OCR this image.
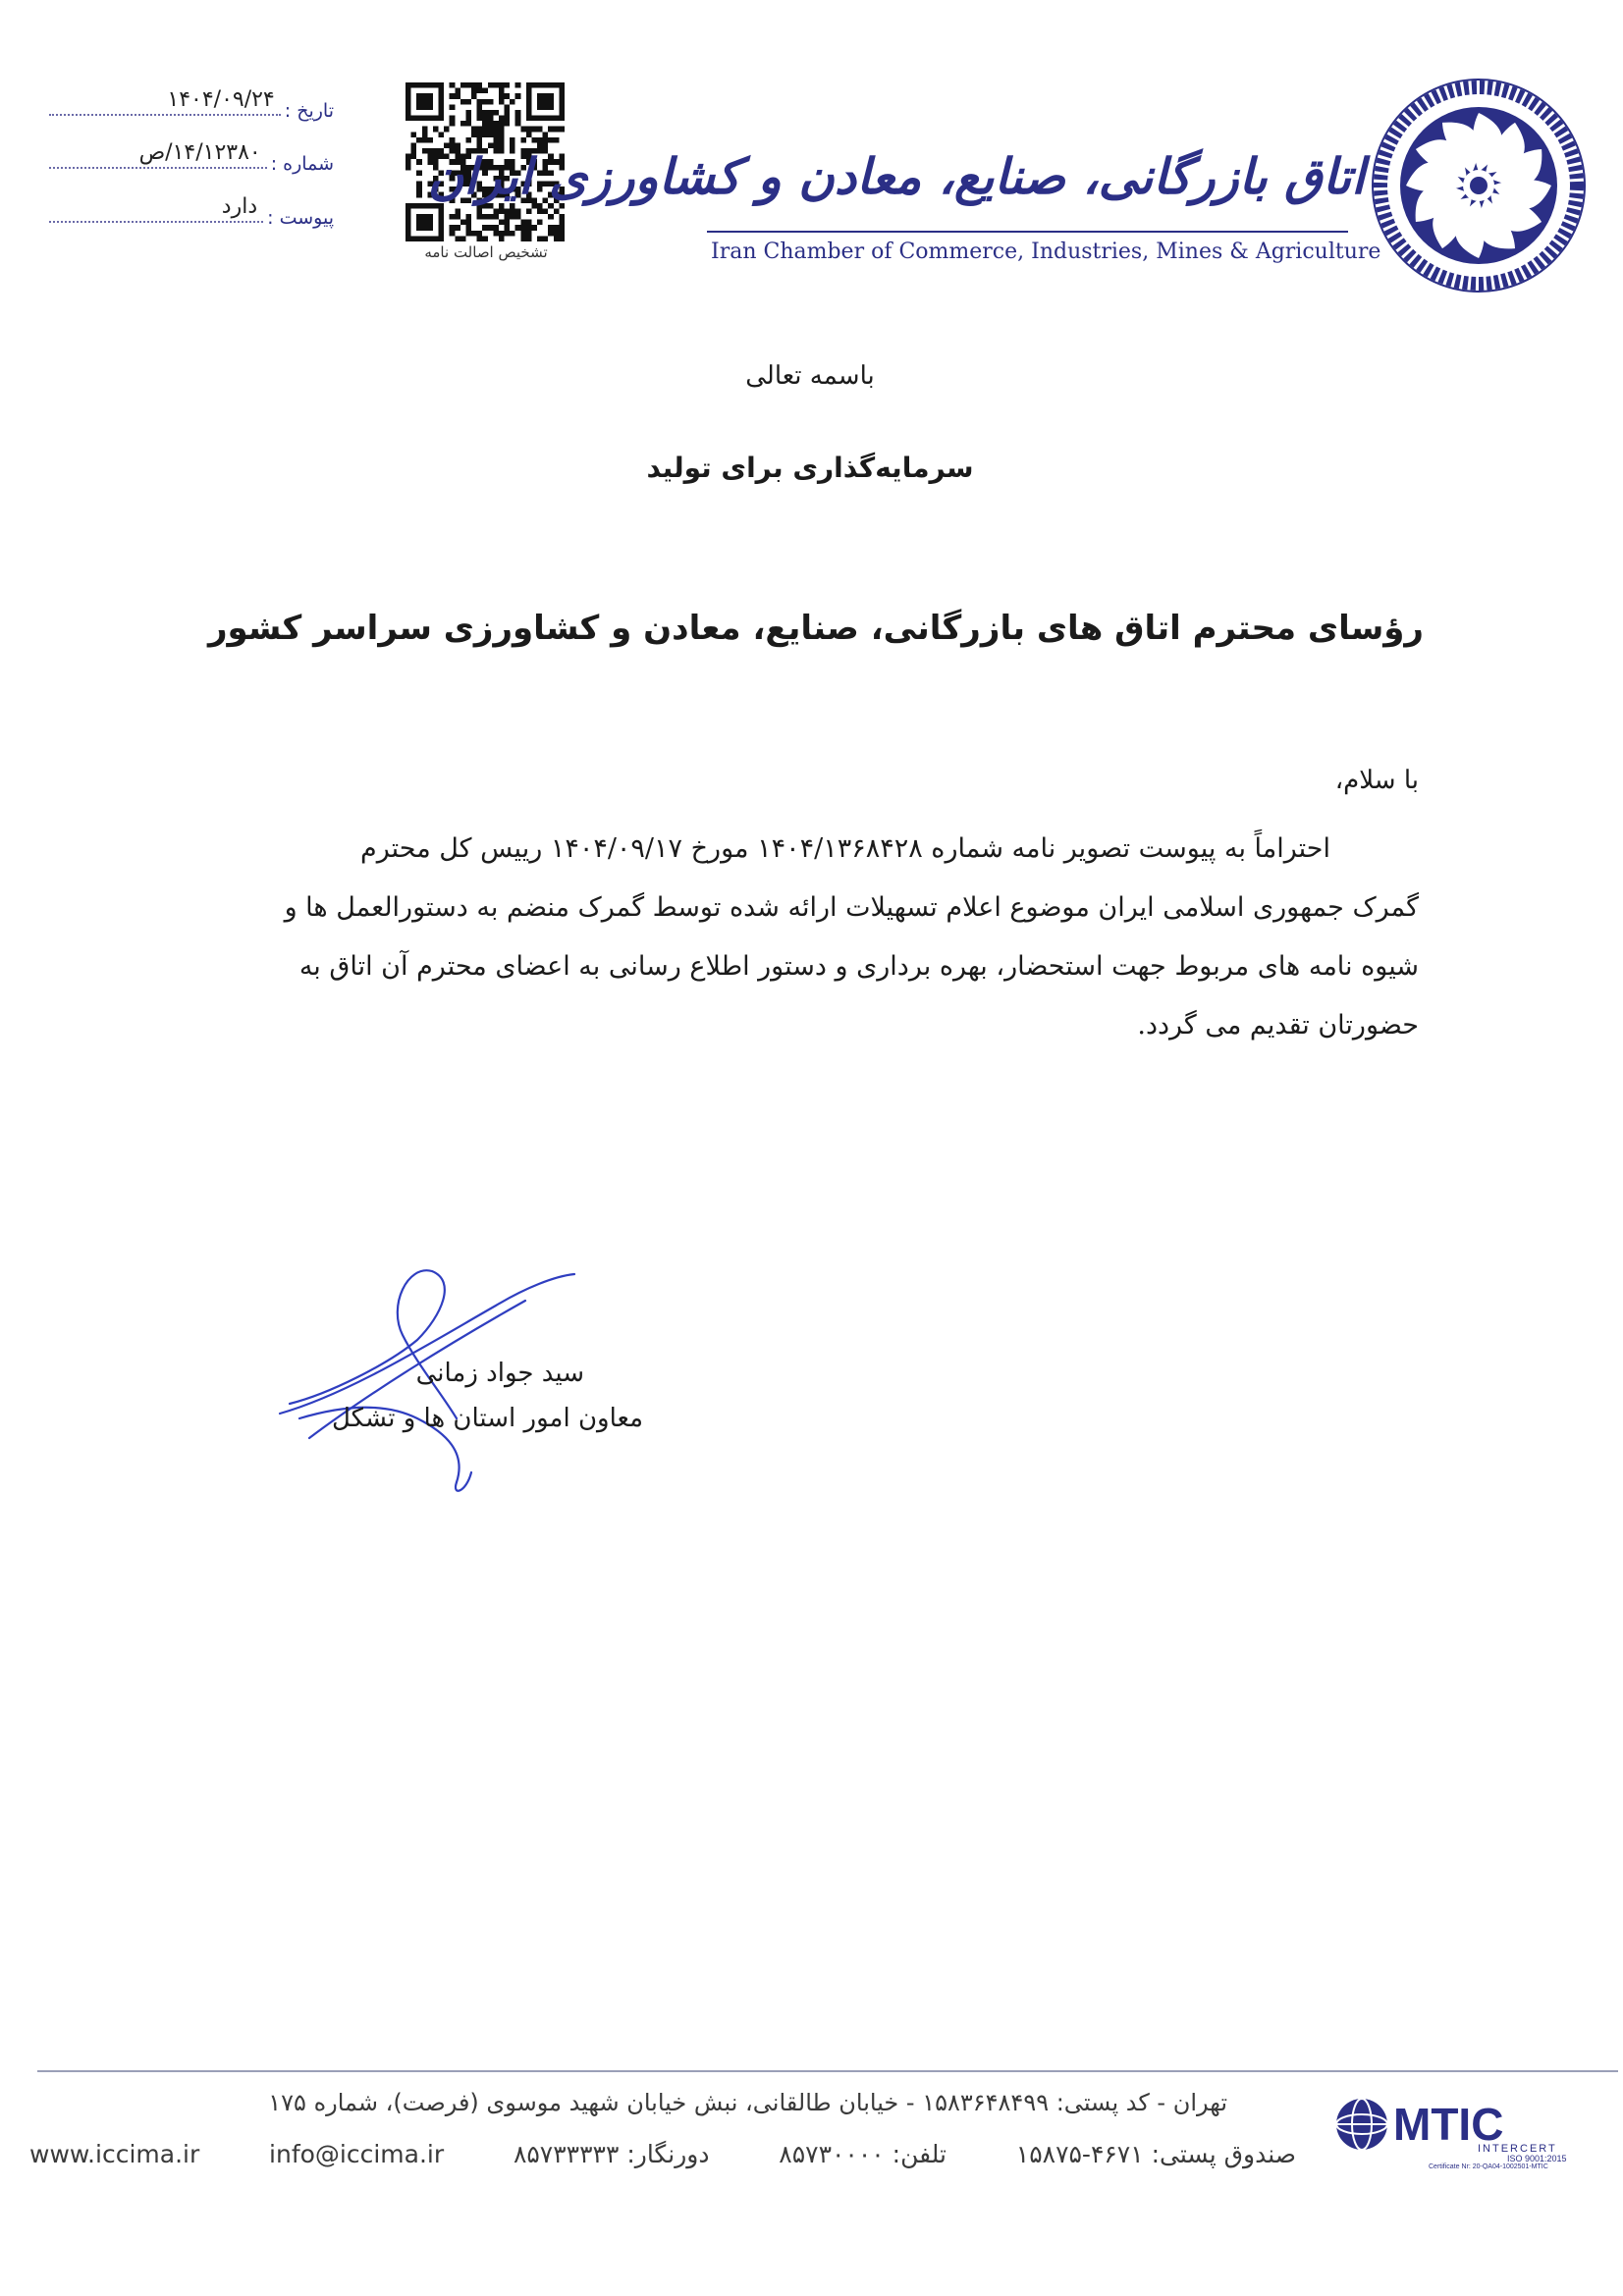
تاریخ :
۱۴۰۴/۰۹/۲۴
شماره :
۱۴/۱۲۳۸۰/ص
پیوست :
دارد
تشخیص اصالت نامه
اتاق بازرگانی، صنایع، معادن و کشاورزی ایران
Iran Chamber of Commerce, Industries, Mines & Agriculture
باسمه تعالی
سرمایه‌گذاری برای تولید
رؤسای محترم اتاق های بازرگانی، صنایع، معادن و کشاورزی سراسر کشور
با سلام،
احتراماً به پیوست تصویر نامه شماره ۱۴۰۴/۱۳۶۸۴۲۸ مورخ ۱۴۰۴/۰۹/۱۷ رییس کل محترم
گمرک جمهوری اسلامی ایران موضوع اعلام تسهیلات ارائه شده توسط گمرک منضم به دستورالعمل ها و
شیوه نامه های مربوط جهت استحضار، بهره برداری و دستور اطلاع رسانی به اعضای محترم آن اتاق به
حضورتان تقدیم می گردد.
سید جواد زمانی
معاون امور استان ها و تشکل
تهران - کد پستی: ۱۵۸۳۶۴۸۴۹۹ - خیابان طالقانی، نبش خیابان شهید موسوی (فرصت)، شماره ۱۷۵
صندوق پستی: ۴۶۷۱-۱۵۸۷۵
تلفن: ۸۵۷۳۰۰۰۰
دورنگار: ۸۵۷۳۳۳۳۳
info@iccima.ir
www.iccima.ir
MTIC
INTERCERT
ISO 9001:2015
Certificate Nr: 20-QA04-1002501-MTIC
